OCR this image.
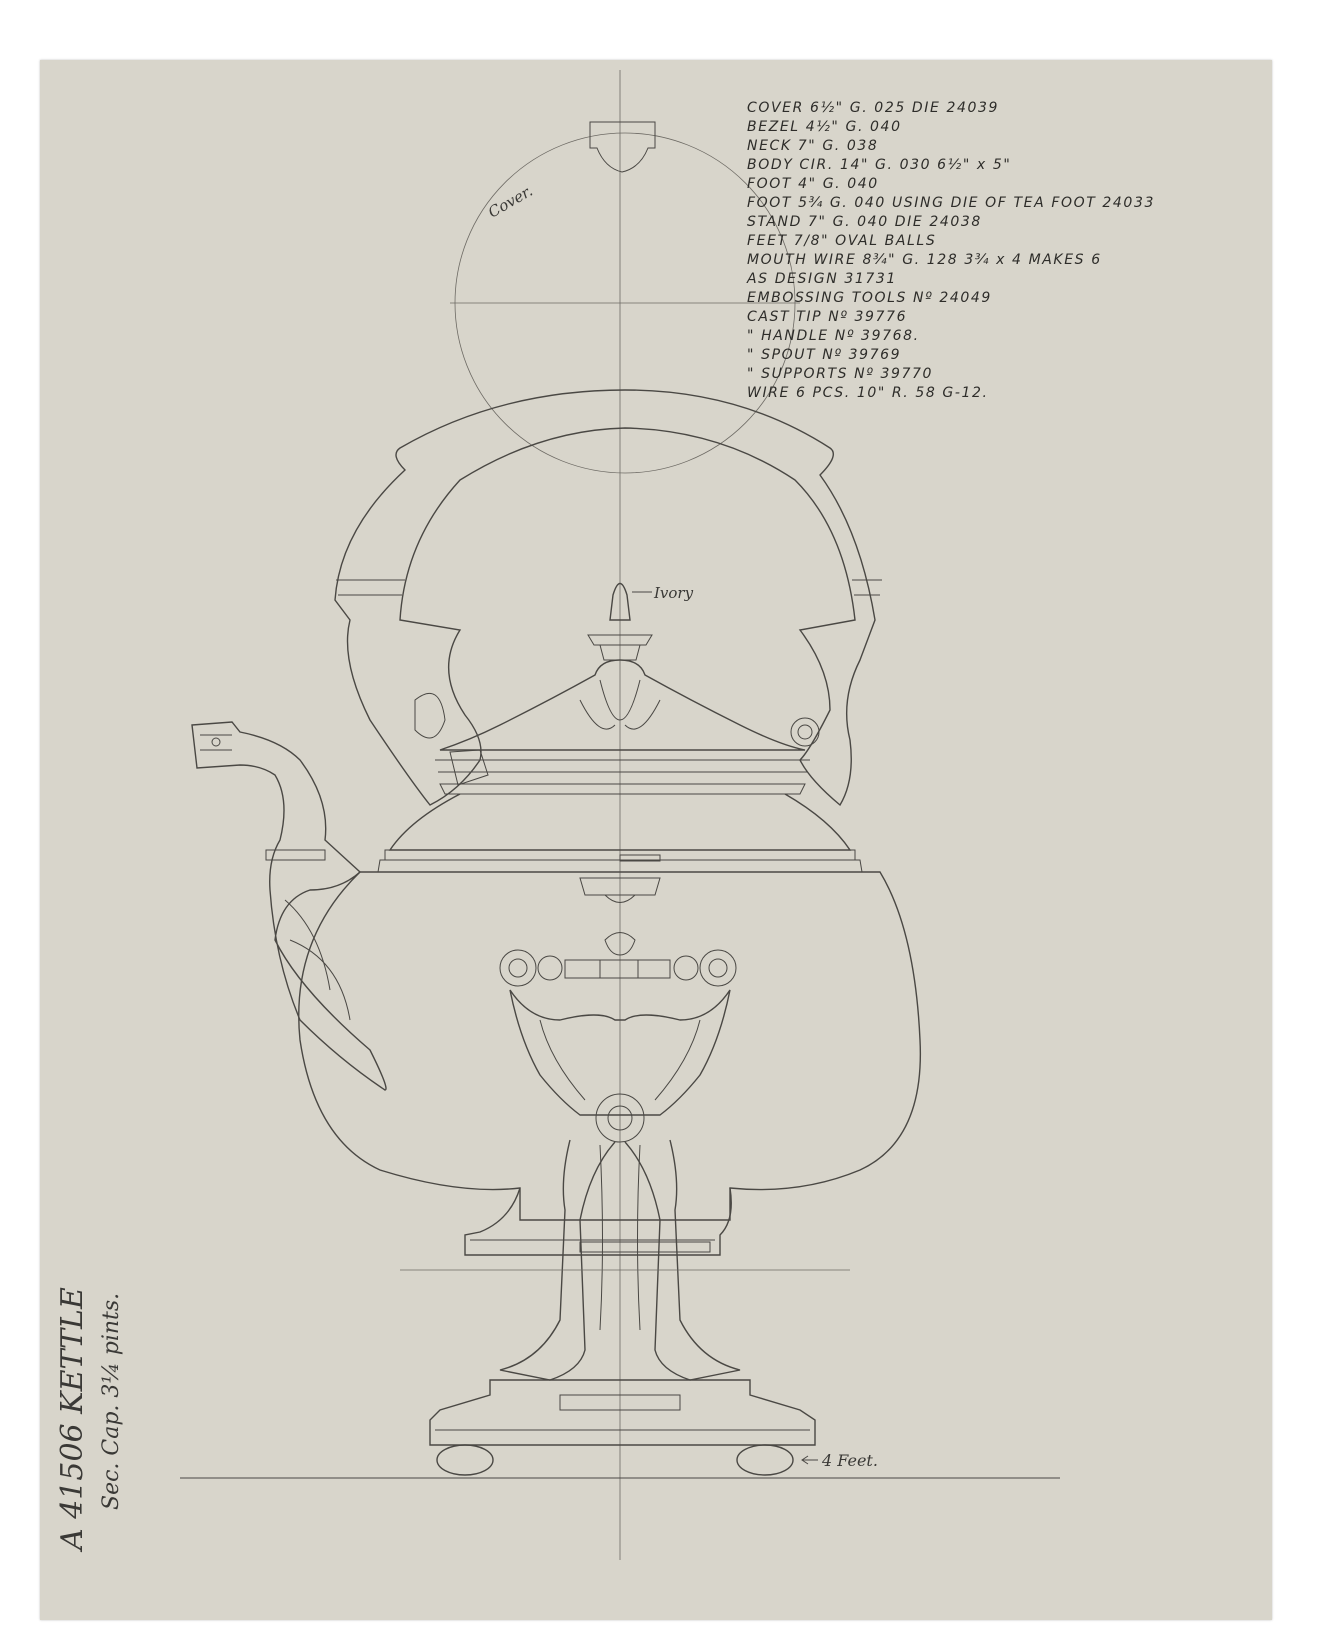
Cover.
Ivory
4 Feet.
COVER 6½" G. 025 DIE 24039
BEZEL 4½" G. 040
NECK 7" G. 038
BODY CIR. 14" G. 030 6½" x 5"
FOOT 4" G. 040
FOOT 5¾ G. 040 USING DIE OF TEA FOOT 24033
STAND 7" G. 040 DIE 24038
FEET 7/8" OVAL BALLS
MOUTH WIRE 8¾" G. 128 3¾ x 4 MAKES 6
AS DESIGN 31731
EMBOSSING TOOLS Nº 24049
CAST TIP Nº 39776
" HANDLE Nº 39768.
" SPOUT Nº 39769
" SUPPORTS Nº 39770
WIRE 6 PCS. 10" R. 58 G-12.
A 41506 KETTLE Sec. Cap. 3¼ pints.
